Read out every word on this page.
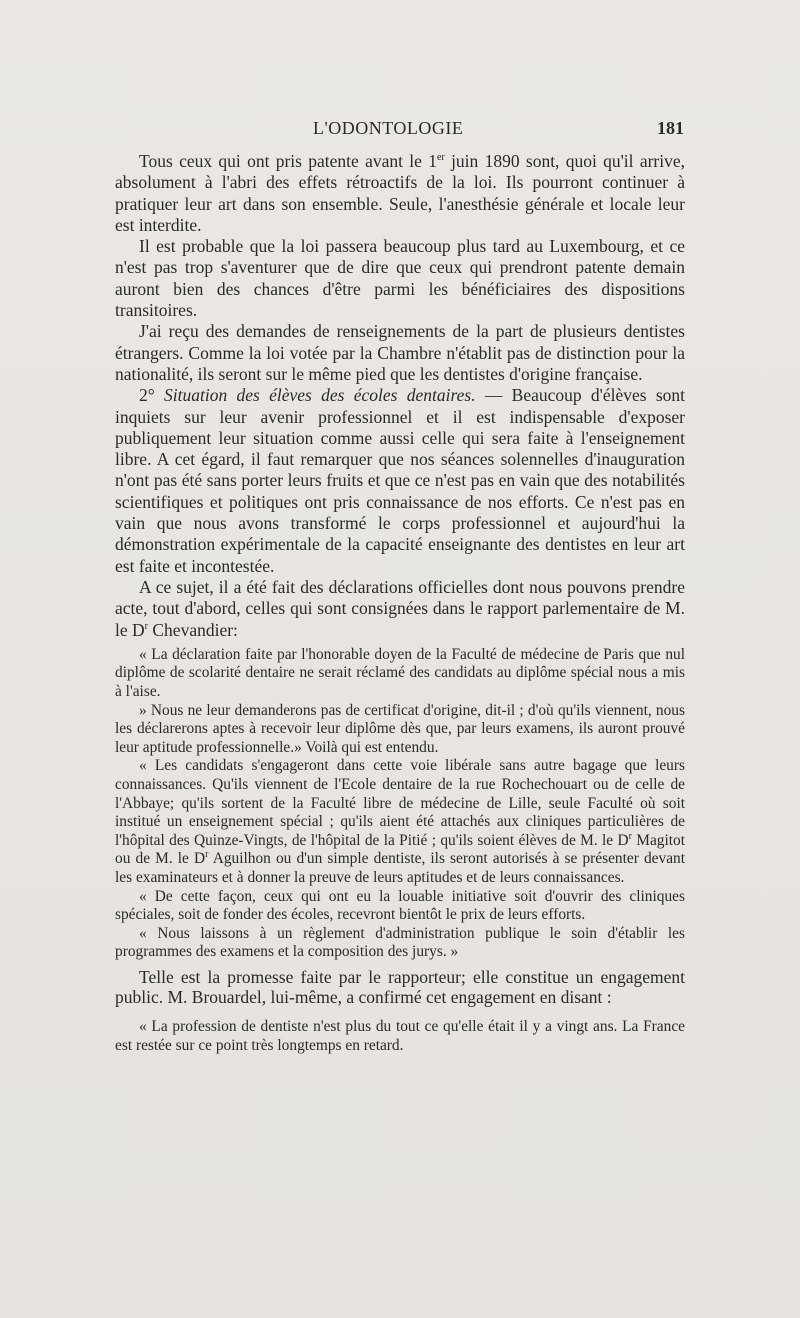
L'ODONTOLOGIE	181

Tous ceux qui ont pris patente avant le 1er juin 1890 sont, quoi qu'il arrive, absolument à l'abri des effets rétroactifs de la loi. Ils pourront continuer à pratiquer leur art dans son ensemble. Seule, l'anesthésie générale et locale leur est interdite.

Il est probable que la loi passera beaucoup plus tard au Luxembourg, et ce n'est pas trop s'aventurer que de dire que ceux qui prendront patente demain auront bien des chances d'être parmi les bénéficiaires des dispositions transitoires.

J'ai reçu des demandes de renseignements de la part de plusieurs dentistes étrangers. Comme la loi votée par la Chambre n'établit pas de distinction pour la nationalité, ils seront sur le même pied que les dentistes d'origine française.

2° Situation des élèves des écoles dentaires. — Beaucoup d'élèves sont inquiets sur leur avenir professionnel et il est indispensable d'exposer publiquement leur situation comme aussi celle qui sera faite à l'enseignement libre. A cet égard, il faut remarquer que nos séances solennelles d'inauguration n'ont pas été sans porter leurs fruits et que ce n'est pas en vain que des notabilités scientifiques et politiques ont pris connaissance de nos efforts. Ce n'est pas en vain que nous avons transformé le corps professionnel et aujourd'hui la démonstration expérimentale de la capacité enseignante des dentistes en leur art est faite et incontestée.

A ce sujet, il a été fait des déclarations officielles dont nous pouvons prendre acte, tout d'abord, celles qui sont consignées dans le rapport parlementaire de M. le $D^r$ Chevandier:

« La déclaration faite par l'honorable doyen de la Faculté de médecine de Paris que nul diplôme de scolarité dentaire ne serait réclamé des candidats au diplôme spécial nous a mis à l'aise.

» Nous ne leur demanderons pas de certificat d'origine, dit-il ; d'où qu'ils viennent, nous les déclarerons aptes à recevoir leur diplôme dès que, par leurs examens, ils auront prouvé leur aptitude professionnelle.» Voilà qui est entendu.

« Les candidats s'engageront dans cette voie libérale sans autre bagage que leurs connaissances. Qu'ils viennent de l'Ecole dentaire de la rue Rochechouart ou de celle de l'Abbaye; qu'ils sortent de la Faculté libre de médecine de Lille, seule Faculté où soit institué un enseignement spécial ; qu'ils aient été attachés aux cliniques particulières de l'hôpital des Quinze-Vingts, de l'hôpital de la Pitié ; qu'ils soient élèves de M. le $D^r$ Magitot ou de M. le $D^r$ Aguilhon ou d'un simple dentiste, ils seront autorisés à se présenter devant les examinateurs et à donner la preuve de leurs aptitudes et de leurs connaissances.

« De cette façon, ceux qui ont eu la louable initiative soit d'ouvrir des cliniques spéciales, soit de fonder des écoles, recevront bientôt le prix de leurs efforts.

« Nous laissons à un règlement d'administration publique le soin d'établir les programmes des examens et la composition des jurys. »

Telle est la promesse faite par le rapporteur; elle constitue un engagement public. M. Brouardel, lui-même, a confirmé cet engagement en disant :

« La profession de dentiste n'est plus du tout ce qu'elle était il y a vingt ans. La France est restée sur ce point très longtemps en retard.
